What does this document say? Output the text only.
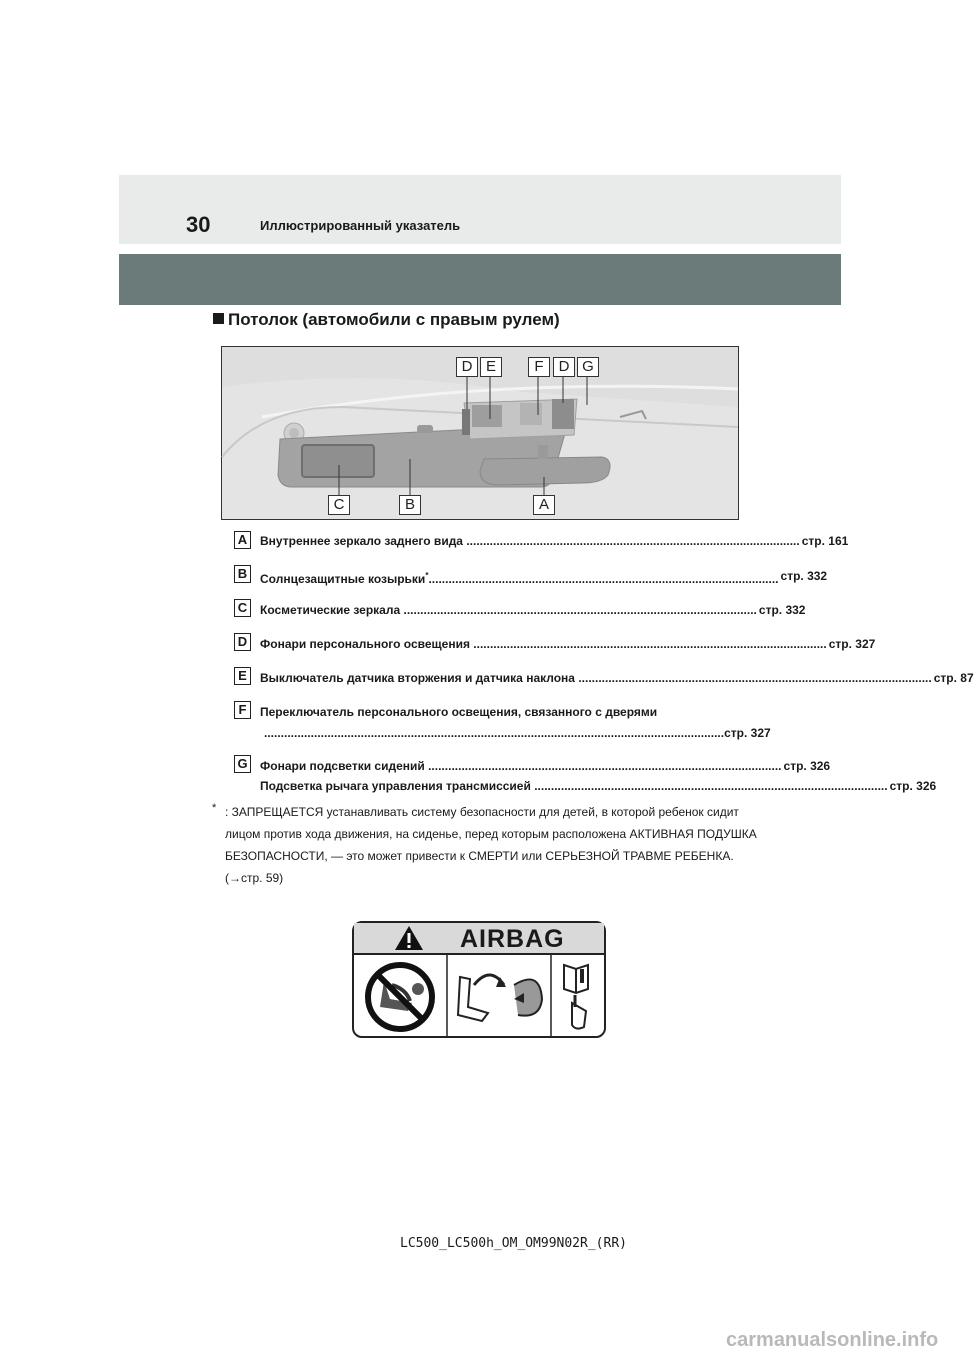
30	Иллюстрированный указатель
Потолок (автомобили с правым рулем)
D E	F	D G
C	B	A
A	Внутреннее зеркало заднего вида .................................................................................................... стр. 161
B	Солнцезащитные козырьки*......................................................................................................... стр. 332
C	Косметические зеркала .......................................................................................................... стр. 332
D	Фонари персонального освещения .......................................................................................................... стр. 327
E	Выключатель датчика вторжения и датчика наклона .......................................................................................................... стр. 87
F	Переключатель персонального освещения, связанного с дверями
..........................................................................................................................................стр. 327
G Фонари подсветки сидений .......................................................................................................... стр. 326
Подсветка рычага управления трансмиссией .......................................................................................................... стр. 326
* : ЗАПРЕЩАЕТСЯ устанавливать систему безопасности для детей, в которой ребенок сидит лицом против хода движения, на сиденье, перед которым расположена АКТИВНАЯ ПОДУШКА БЕЗОПАСНОСТИ, — это может привести к СМЕРТИ или СЕРЬЕЗНОЙ ТРАВМЕ РЕБЕНКА. (→стр. 59)
AIRBAG
LC500_LC500h_OM_OM99N02R_(RR)
carmanualsonline.info
